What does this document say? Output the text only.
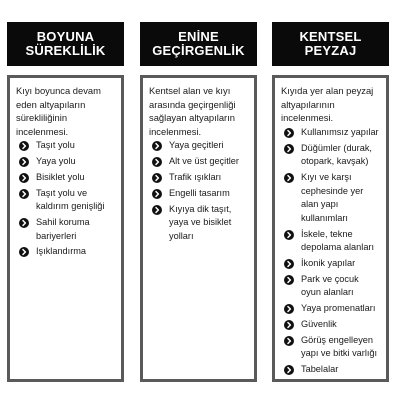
BOYUNA
SÜREKLİLİK

Kıyı boyunca devam eden altyapıların sürekliliğinin incelenmesi.

Taşıt yolu
Yaya yolu
Bisiklet yolu
Taşıt yolu ve kaldırım genişliği
Sahil koruma bariyerleri
Işıklandırma
ENİNE
GEÇİRGENLİK

Kentsel alan ve kıyı arasında geçirgenliği sağlayan altyapıların incelenmesi.

Yaya geçitleri
Alt ve üst geçitler
Trafik ışıkları
Engelli tasarım
Kıyıya dik taşıt, yaya ve bisiklet yolları
KENTSEL
PEYZAJ

Kıyıda yer alan peyzaj altyapılarının incelenmesi.

Kullanımsız yapılar
Düğümler (durak, otopark, kavşak)
Kıyı ve karşı cephesinde yer alan yapı kullanımları
İskele, tekne depolama alanları
İkonik yapılar
Park ve çocuk oyun alanları
Yaya promenatları
Güvenlik
Görüş engelleyen yapı ve bitki varlığı
Tabelalar
